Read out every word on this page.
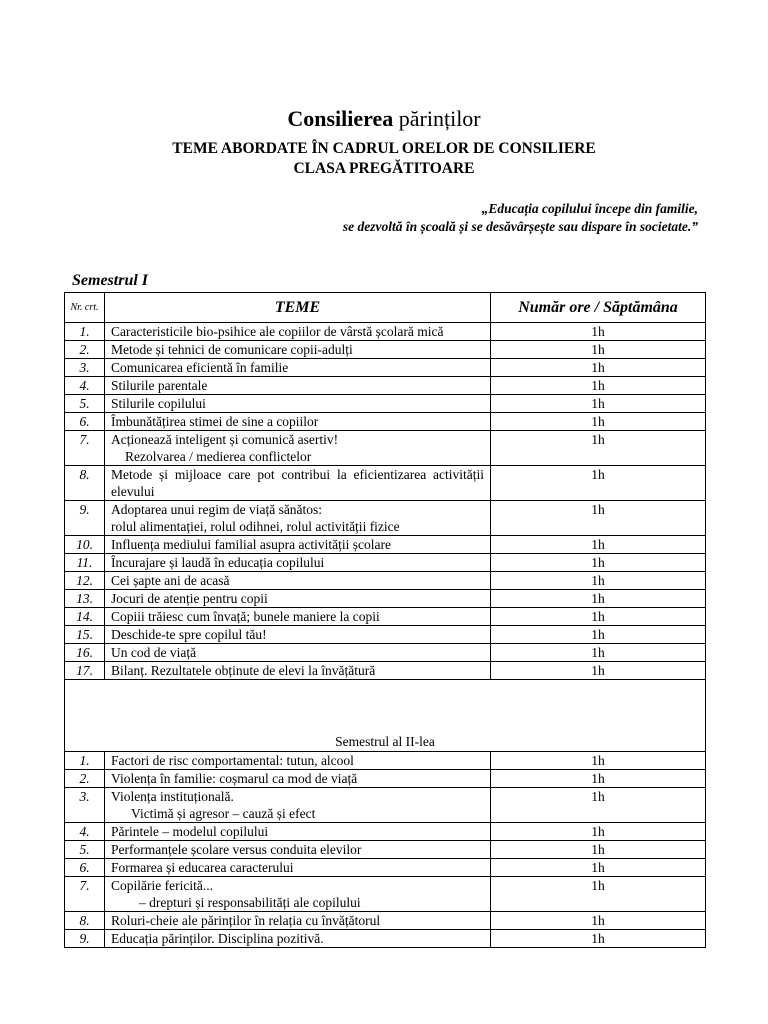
Consilierea părinților
TEME ABORDATE ÎN CADRUL ORELOR DE CONSILIERE
CLASA PREGĂTITOARE
„Educația copilului începe din familie,
se dezvoltă în școală și se desăvârșește sau dispare în societate.”
Semestrul I
Nr. crt.	TEME	Număr ore / Săptămâna
1.	Caracteristicile bio-psihice ale copiilor de vârstă școlară mică	1h
2.	Metode și tehnici de comunicare copii-adulți	1h
3.	Comunicarea eficientă în familie	1h
4.	Stilurile parentale	1h
5.	Stilurile copilului	1h
6.	Îmbunătățirea stimei de sine a copiilor	1h
7.	Acționează inteligent și comunică asertiv!
Rezolvarea / medierea conflictelor	1h
8.	Metode și mijloace care pot contribui la eficientizarea activității elevului	1h
9.	Adoptarea unui regim de viață sănătos:
rolul alimentației, rolul odihnei, rolul activității fizice	1h
10.	Influența mediului familial asupra activității școlare	1h
11.	Încurajare și laudă în educația copilului	1h
12.	Cei șapte ani de acasă	1h
13.	Jocuri de atenție pentru copii	1h
14.	Copiii trăiesc cum învață; bunele maniere la copii	1h
15.	Deschide-te spre copilul tău!	1h
16.	Un cod de viață	1h
17.	Bilanț. Rezultatele obținute de elevi la învățătură	1h
Semestrul al II-lea		
1.	Factori de risc comportamental: tutun, alcool	1h
2.	Violența în familie: coșmarul ca mod de viață	1h
3.	Violența instituțională.
Victimă și agresor – cauză și efect	1h
4.	Părintele – modelul copilului	1h
5.	Performanțele școlare versus conduita elevilor	1h
6.	Formarea și educarea caracterului	1h
7.	Copilărie fericită...
– drepturi și responsabilități ale copilului	1h
8.	Roluri-cheie ale părinților în relația cu învățătorul	1h
9.	Educația părinților. Disciplina pozitivă.	1h
